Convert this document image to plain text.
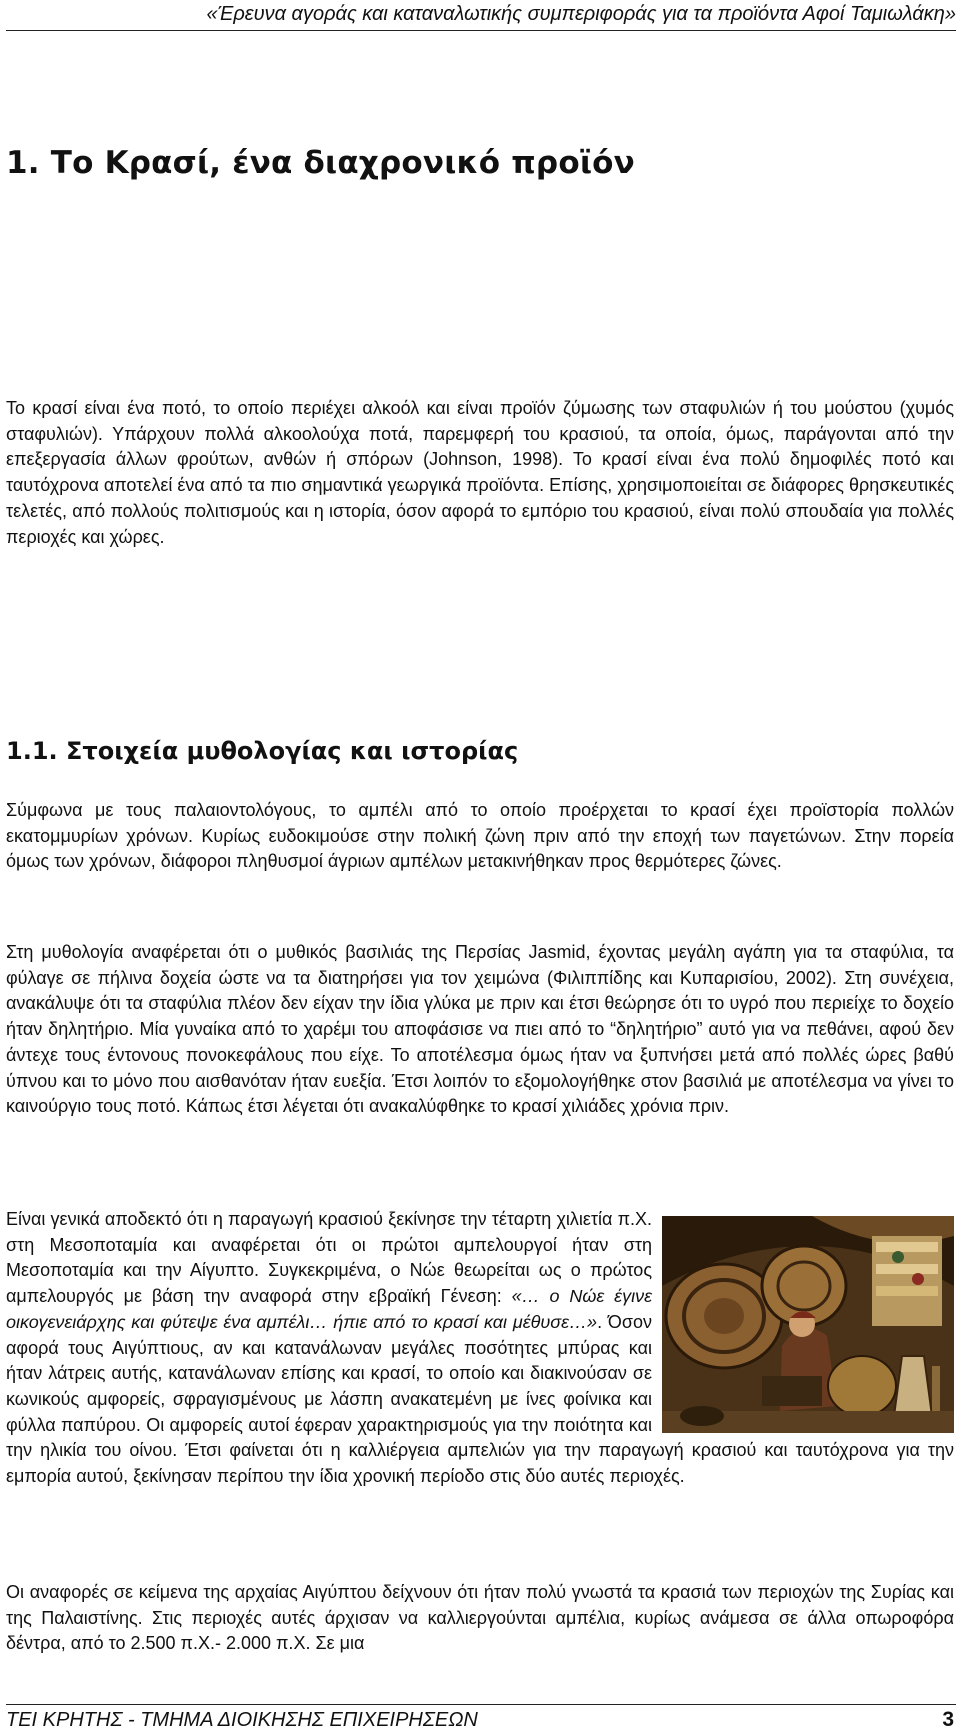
«Έρευνα αγοράς και καταναλωτικής συμπεριφοράς για τα προϊόντα Αφοί Ταμιωλάκη»
1. Το Κρασί, ένα διαχρονικό προϊόν

Το κρασί είναι ένα ποτό, το οποίο περιέχει αλκοόλ και είναι προϊόν ζύμωσης των σταφυλιών ή του μούστου (χυμός σταφυλιών). Υπάρχουν πολλά αλκοολούχα ποτά, παρεμφερή του κρασιού, τα οποία, όμως, παράγονται από την επεξεργασία άλλων φρούτων, ανθών ή σπόρων (Johnson, 1998). Το κρασί είναι ένα πολύ δημοφιλές ποτό και ταυτόχρονα αποτελεί ένα από τα πιο σημαντικά γεωργικά προϊόντα. Επίσης, χρησιμοποιείται σε διάφορες θρησκευτικές τελετές, από πολλούς πολιτισμούς και η ιστορία, όσον αφορά το εμπόριο του κρασιού, είναι πολύ σπουδαία για πολλές περιοχές και χώρες.

1.1. Στοιχεία μυθολογίας και ιστορίας

Σύμφωνα με τους παλαιοντολόγους, το αμπέλι από το οποίο προέρχεται το κρασί έχει προϊστορία πολλών εκατομμυρίων χρόνων. Κυρίως ευδοκιμούσε στην πολική ζώνη πριν από την εποχή των παγετώνων. Στην πορεία όμως των χρόνων, διάφοροι πληθυσμοί άγριων αμπέλων μετακινήθηκαν προς θερμότερες ζώνες.

Στη μυθολογία αναφέρεται ότι ο μυθικός βασιλιάς της Περσίας Jasmid, έχοντας μεγάλη αγάπη για τα σταφύλια, τα φύλαγε σε πήλινα δοχεία ώστε να τα διατηρήσει για τον χειμώνα (Φιλιππίδης και Κυπαρισίου, 2002). Στη συνέχεια, ανακάλυψε ότι τα σταφύλια πλέον δεν είχαν την ίδια γλύκα με πριν και έτσι θεώρησε ότι το υγρό που περιείχε το δοχείο ήταν δηλητήριο. Μία γυναίκα από το χαρέμι του αποφάσισε να πιει από το “δηλητήριο” αυτό για να πεθάνει, αφού δεν άντεχε τους έντονους πονοκεφάλους που είχε. Το αποτέλεσμα όμως ήταν να ξυπνήσει μετά από πολλές ώρες βαθύ ύπνου και το μόνο που αισθανόταν ήταν ευεξία. Έτσι λοιπόν το εξομολογήθηκε στον βασιλιά με αποτέλεσμα να γίνει το καινούργιο τους ποτό. Κάπως έτσι λέγεται ότι ανακαλύφθηκε το κρασί χιλιάδες χρόνια πριν.

Είναι γενικά αποδεκτό ότι η παραγωγή κρασιού ξεκίνησε την τέταρτη χιλιετία π.Χ. στη Μεσοποταμία και αναφέρεται ότι οι πρώτοι αμπελουργοί ήταν στη Μεσοποταμία και την Αίγυπτο. Συγκεκριμένα, ο Νώε θεωρείται ως ο πρώτος αμπελουργός με βάση την αναφορά στην εβραϊκή Γένεση: «… ο Νώε έγινε οικογενειάρχης και φύτεψε ένα αμπέλι… ήπιε από το κρασί και μέθυσε…». Όσον αφορά τους Αιγύπτιους, αν και κατανάλωναν μεγάλες ποσότητες μπύρας και ήταν λάτρεις αυτής, κατανάλωναν επίσης και κρασί, το οποίο και διακινούσαν σε κωνικούς αμφορείς, σφραγισμένους με λάσπη ανακατεμένη με ίνες φοίνικα και φύλλα παπύρου. Οι αμφορείς αυτοί έφεραν χαρακτηρισμούς για την ποιότητα και την ηλικία του οίνου. Έτσι φαίνεται ότι η καλλιέργεια αμπελιών για την παραγωγή κρασιού και ταυτόχρονα για την εμπορία αυτού, ξεκίνησαν περίπου την ίδια χρονική περίοδο στις δύο αυτές περιοχές.

Οι αναφορές σε κείμενα της αρχαίας Αιγύπτου δείχνουν ότι ήταν πολύ γνωστά τα κρασιά των περιοχών της Συρίας και της Παλαιστίνης. Στις περιοχές αυτές άρχισαν να καλλιεργούνται αμπέλια, κυρίως ανάμεσα σε άλλα οπωροφόρα δέντρα, από το 2.500 π.Χ.- 2.000 π.Χ. Σε μια

ΤΕΙ ΚΡΗΤΗΣ - ΤΜΗΜΑ ΔΙΟΙΚΗΣΗΣ ΕΠΙΧΕΙΡΗΣΕΩΝ	3
